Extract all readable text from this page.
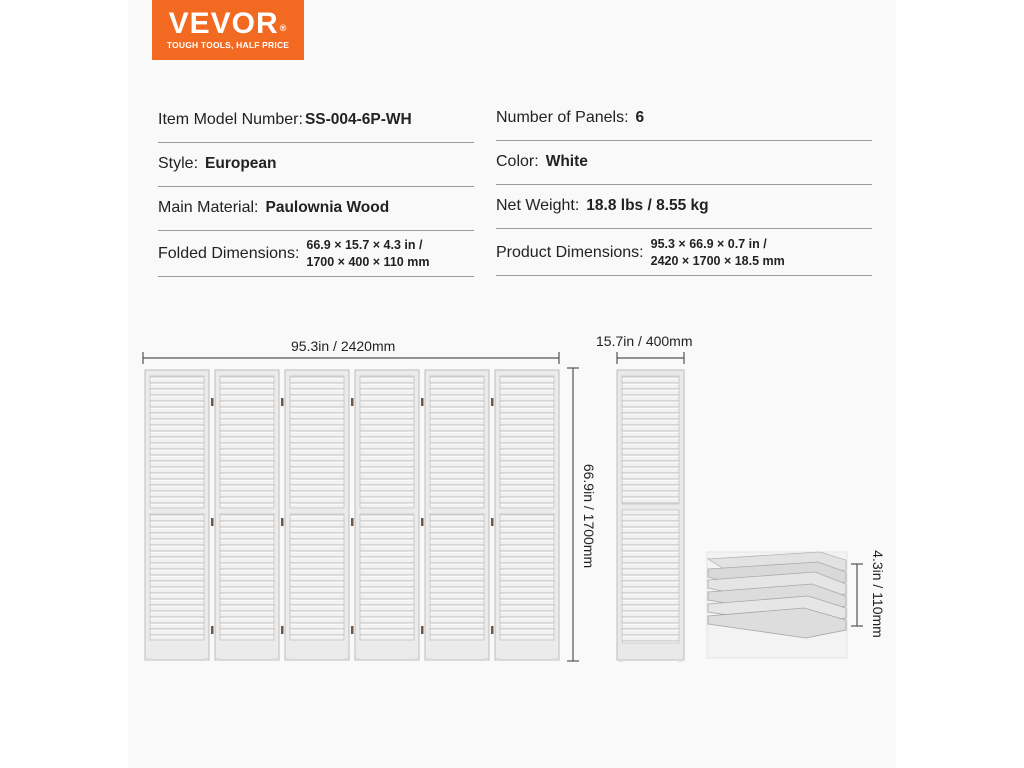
VEVOR®
TOUGH TOOLS, HALF PRICE
Item Model Number: SS-004-6P-WH
Style: European
Main Material: Paulownia Wood
Folded Dimensions: 66.9 × 15.7 × 4.3 in /
1700 × 400 × 110 mm
Number of Panels: 6
Color: White
Net Weight: 18.8 lbs / 8.55 kg
Product Dimensions: 95.3 × 66.9 × 0.7 in /
2420 × 1700 × 18.5 mm
95.3in / 2420mm	15.7in / 400mm
66.9in / 1700mm
4.3in / 110mm
